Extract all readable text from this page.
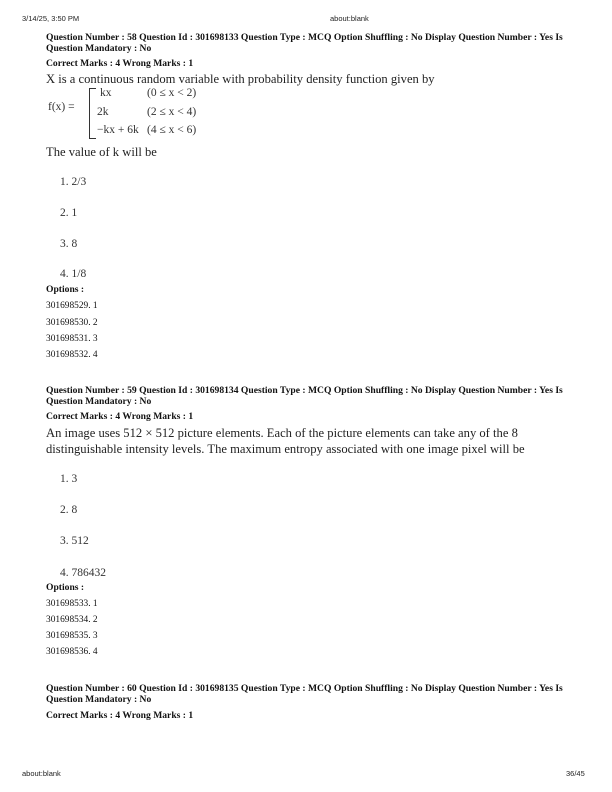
3/14/25, 3:50 PM	about:blank
Question Number : 58 Question Id : 301698133 Question Type : MCQ Option Shuffling : No Display Question Number : Yes Is Question Mandatory : No
Correct Marks : 4 Wrong Marks : 1
X is a continuous random variable with probability density function given by
f(x) =
kx	(0 ≤ x < 2)
2k	(2 ≤ x < 4)
−kx + 6k (4 ≤ x < 6)
The value of k will be
1. 2/3
2. 1
3. 8
4. 1/8
Options :
301698529. 1
301698530. 2
301698531. 3
301698532. 4
Question Number : 59 Question Id : 301698134 Question Type : MCQ Option Shuffling : No Display Question Number : Yes Is Question Mandatory : No
Correct Marks : 4 Wrong Marks : 1
An image uses 512 × 512 picture elements. Each of the picture elements can take any of the 8 distinguishable intensity levels. The maximum entropy associated with one image pixel will be
1. 3
2. 8
3. 512
4. 786432
Options :
301698533. 1
301698534. 2
301698535. 3
301698536. 4
Question Number : 60 Question Id : 301698135 Question Type : MCQ Option Shuffling : No Display Question Number : Yes Is Question Mandatory : No
Correct Marks : 4 Wrong Marks : 1
about:blank	36/45
